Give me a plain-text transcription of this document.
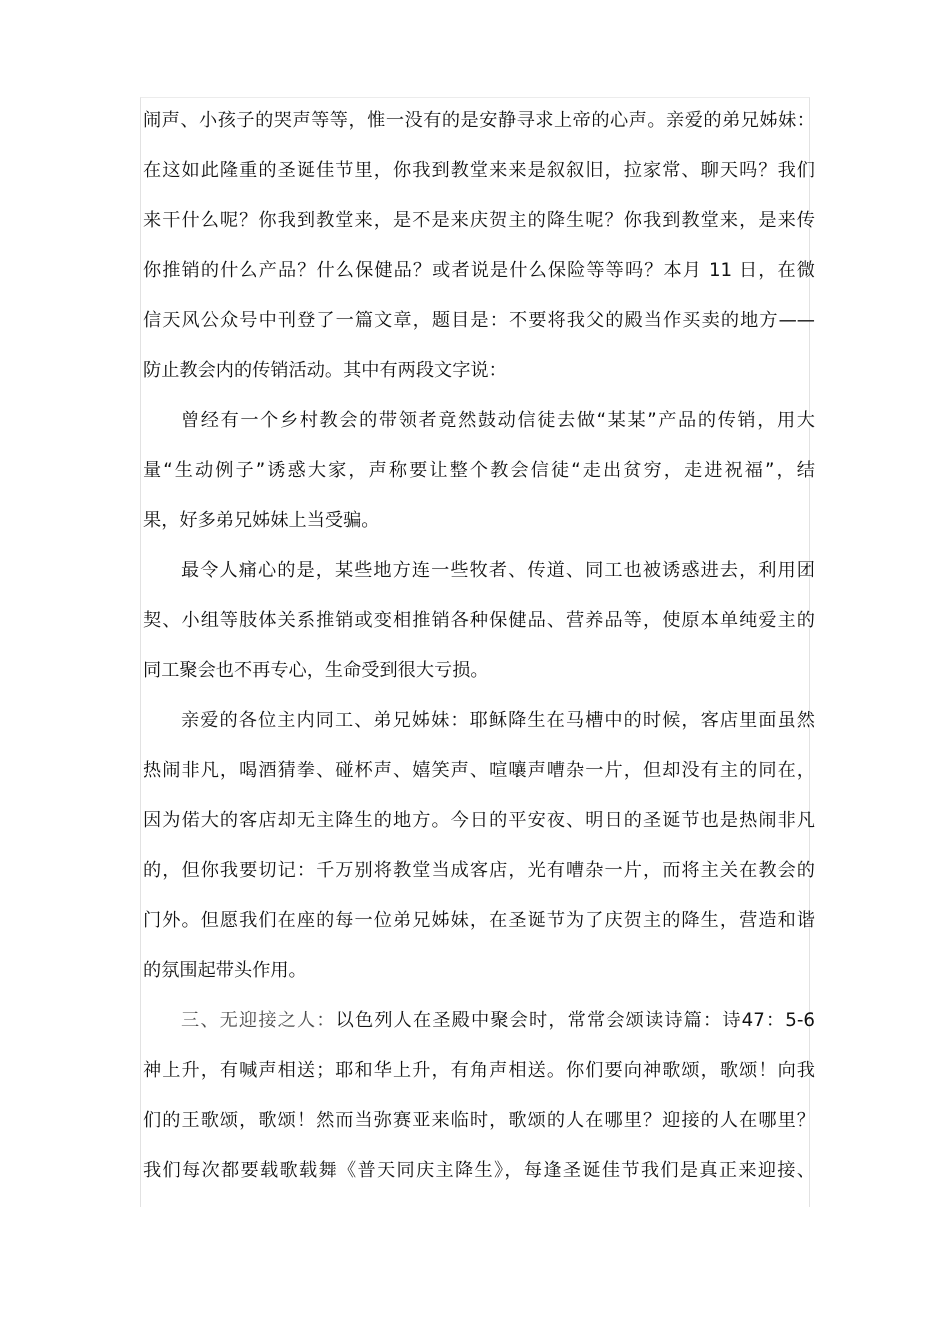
闹声、小孩子的哭声等等，惟一没有的是安静寻求上帝的心声。亲爱的弟兄姊妹：
在这如此隆重的圣诞佳节里，你我到教堂来来是叙叙旧，拉家常、聊天吗？我们
来干什么呢？你我到教堂来，是不是来庆贺主的降生呢？你我到教堂来，是来传
你推销的什么产品？什么保健品？或者说是什么保险等等吗？本月 11 日，在微
信天风公众号中刊登了一篇文章，题目是：不要将我父的殿当作买卖的地方——
防止教会内的传销活动。其中有两段文字说：
曾经有一个乡村教会的带领者竟然鼓动信徒去做“某某”产品的传销，用大
量“生动例子”诱惑大家，声称要让整个教会信徒“走出贫穷，走进祝福”，结
果，好多弟兄姊妹上当受骗。
最令人痛心的是，某些地方连一些牧者、传道、同工也被诱惑进去，利用团
契、小组等肢体关系推销或变相推销各种保健品、营养品等，使原本单纯爱主的
同工聚会也不再专心，生命受到很大亏损。
亲爱的各位主内同工、弟兄姊妹：耶稣降生在马槽中的时候，客店里面虽然
热闹非凡，喝酒猜拳、碰杯声、嬉笑声、喧嚷声嘈杂一片，但却没有主的同在，
因为偌大的客店却无主降生的地方。今日的平安夜、明日的圣诞节也是热闹非凡
的，但你我要切记：千万别将教堂当成客店，光有嘈杂一片，而将主关在教会的
门外。但愿我们在座的每一位弟兄姊妹，在圣诞节为了庆贺主的降生，营造和谐
的氛围起带头作用。
三、无迎接之人：以色列人在圣殿中聚会时，常常会颂读诗篇：诗47：5-6
神上升，有喊声相送；耶和华上升，有角声相送。你们要向神歌颂，歌颂！向我
们的王歌颂，歌颂！然而当弥赛亚来临时，歌颂的人在哪里？迎接的人在哪里？
我们每次都要载歌载舞《普天同庆主降生》，每逢圣诞佳节我们是真正来迎接、
